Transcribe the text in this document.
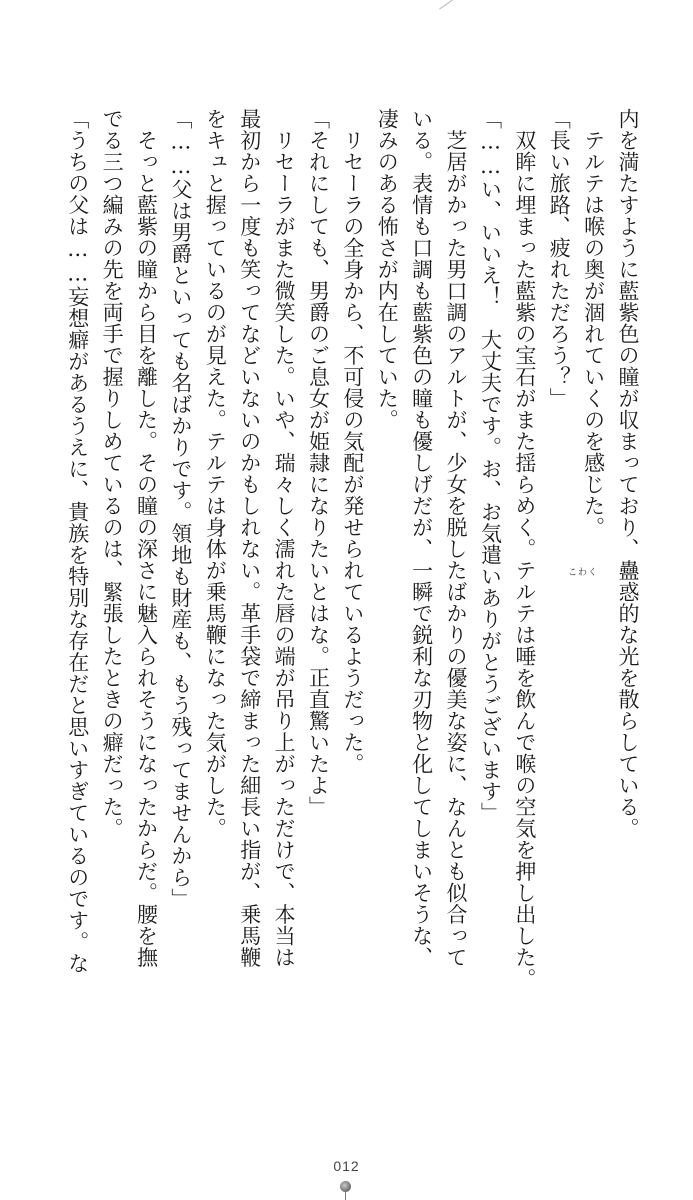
内を満たすように藍紫色の瞳が収まっており、蠱惑的な光を散らしている。
　テルテは喉の奥が涸れていくのを感じた。
「長い旅路、疲れただろう？」
　双眸に埋まった藍紫の宝石がまた揺らめく。テルテは唾を飲んで喉の空気を押し出した。
「……い、いいえ！　大丈夫です。お、お気遣いありがとうございます」
　芝居がかった男口調のアルトが、少女を脱したばかりの優美な姿に、なんとも似合って
いる。表情も口調も藍紫色の瞳も優しげだが、一瞬で鋭利な刃物と化してしまいそうな、
凄みのある怖さが内在していた。
　リセーラの全身から、不可侵の気配が発せられているようだった。
「それにしても、男爵のご息女が姫隷になりたいとはな。正直驚いたよ」
　リセーラがまた微笑した。いや、瑞々しく濡れた唇の端が吊り上がっただけで、本当は
最初から一度も笑ってなどいないのかもしれない。革手袋で締まった細長い指が、乗馬鞭
をキュと握っているのが見えた。テルテは身体が乗馬鞭になった気がした。
「……父は男爵といっても名ばかりです。領地も財産も、もう残ってませんから」
　そっと藍紫の瞳から目を離した。その瞳の深さに魅入られそうになったからだ。腰を撫
でる三つ編みの先を両手で握りしめているのは、緊張したときの癖だった。
「うちの父は……妄想癖があるうえに、貴族を特別な存在だと思いすぎているのです。な	こわく
012
